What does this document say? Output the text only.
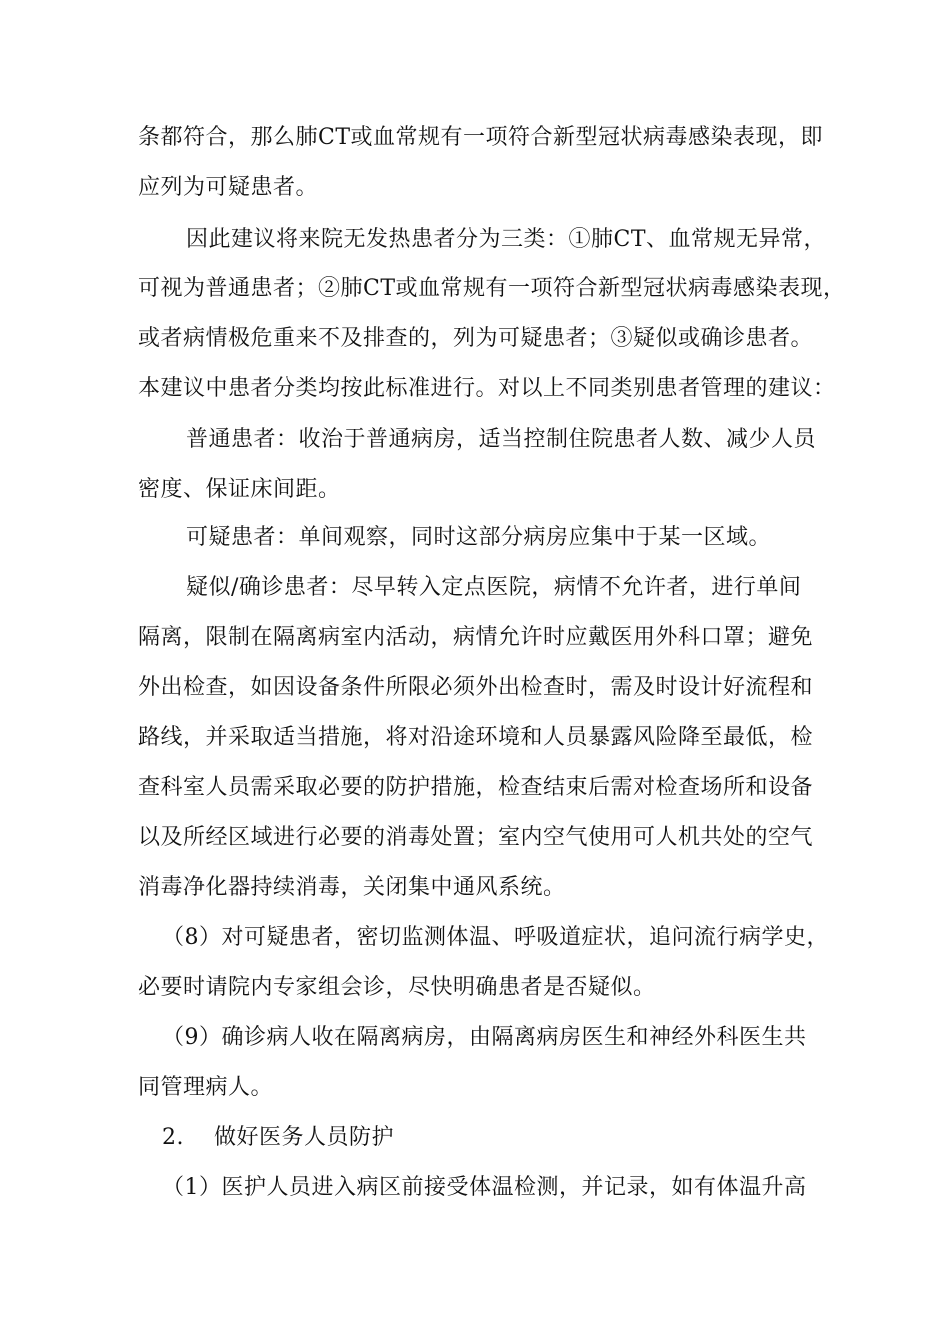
条都符合，那么肺CT或血常规有一项符合新型冠状病毒感染表现，即
应列为可疑患者。
因此建议将来院无发热患者分为三类：①肺CT、血常规无异常，
可视为普通患者；②肺CT或血常规有一项符合新型冠状病毒感染表现，
或者病情极危重来不及排查的，列为可疑患者；③疑似或确诊患者。
本建议中患者分类均按此标准进行。对以上不同类别患者管理的建议：
普通患者：收治于普通病房，适当控制住院患者人数、减少人员
密度、保证床间距。
可疑患者：单间观察，同时这部分病房应集中于某一区域。
疑似/确诊患者：尽早转入定点医院，病情不允许者，进行单间
隔离，限制在隔离病室内活动，病情允许时应戴医用外科口罩；避免
外出检查，如因设备条件所限必须外出检查时，需及时设计好流程和
路线，并采取适当措施，将对沿途环境和人员暴露风险降至最低，检
查科室人员需采取必要的防护措施，检查结束后需对检查场所和设备
以及所经区域进行必要的消毒处置；室内空气使用可人机共处的空气
消毒净化器持续消毒，关闭集中通风系统。
（8）对可疑患者，密切监测体温、呼吸道症状，追问流行病学史，
必要时请院内专家组会诊，尽快明确患者是否疑似。
（9）确诊病人收在隔离病房，由隔离病房医生和神经外科医生共
同管理病人。
2.    做好医务人员防护
（1）医护人员进入病区前接受体温检测，并记录，如有体温升高
